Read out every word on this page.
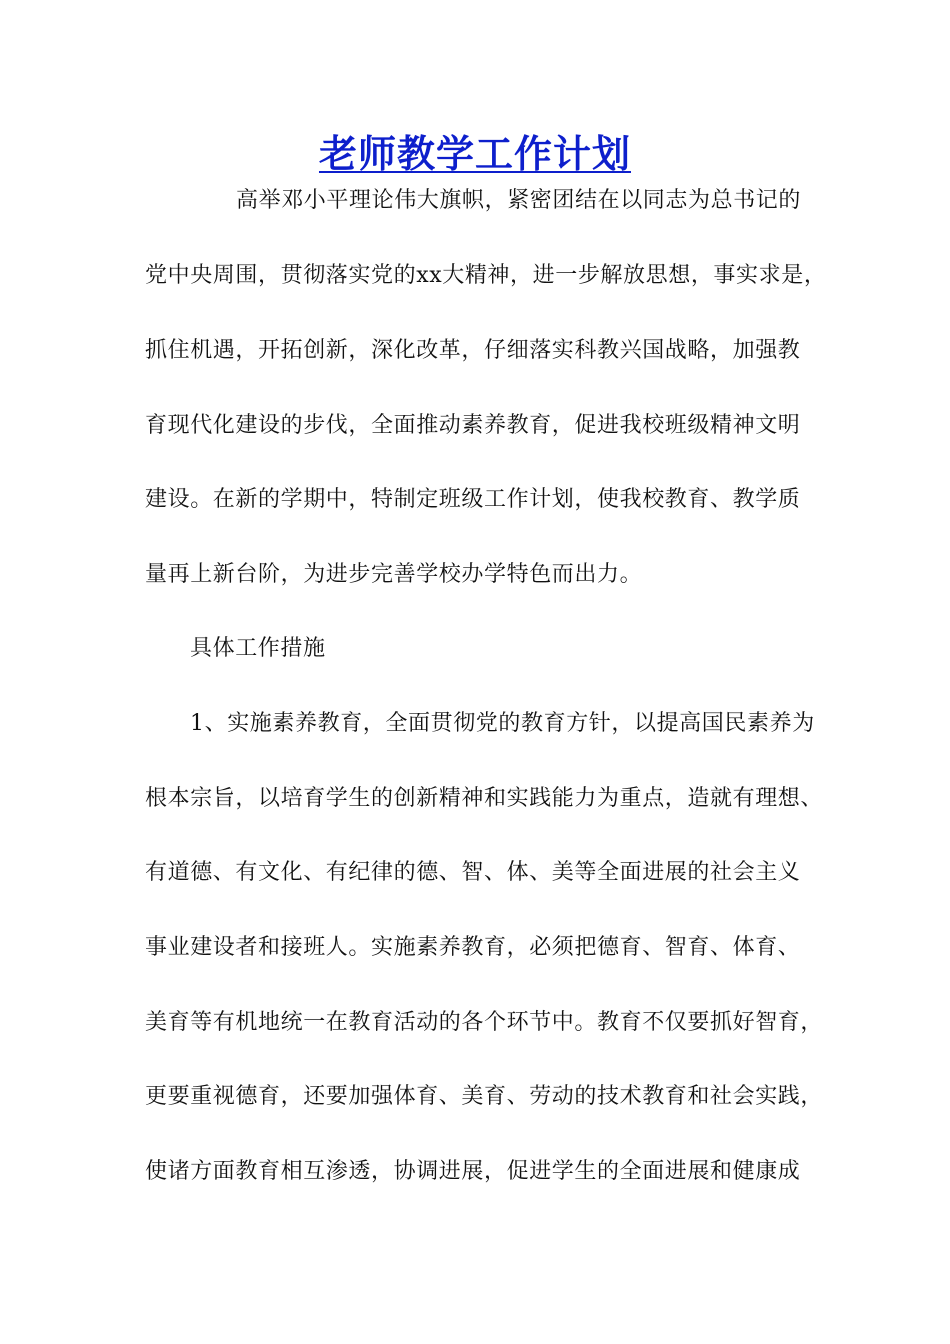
老师教学工作计划
高举邓小平理论伟大旗帜，紧密团结在以同志为总书记的
党中央周围，贯彻落实党的xx大精神，进一步解放思想，事实求是，
抓住机遇，开拓创新，深化改革，仔细落实科教兴国战略，加强教
育现代化建设的步伐，全面推动素养教育，促进我校班级精神文明
建设。在新的学期中，特制定班级工作计划，使我校教育、教学质
量再上新台阶，为进步完善学校办学特色而出力。
具体工作措施
1、实施素养教育，全面贯彻党的教育方针，以提高国民素养为
根本宗旨，以培育学生的创新精神和实践能力为重点，造就有理想、
有道德、有文化、有纪律的德、智、体、美等全面进展的社会主义
事业建设者和接班人。实施素养教育，必须把德育、智育、体育、
美育等有机地统一在教育活动的各个环节中。教育不仅要抓好智育，
更要重视德育，还要加强体育、美育、劳动的技术教育和社会实践，
使诸方面教育相互渗透，协调进展，促进学生的全面进展和健康成
